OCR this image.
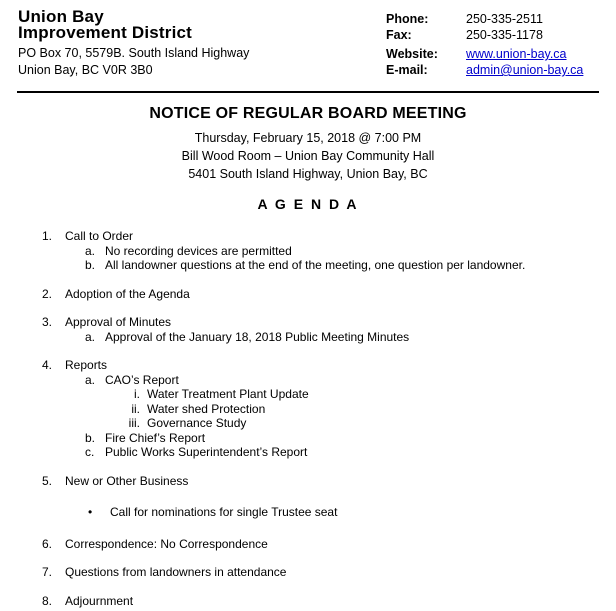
Union Bay
Improvement District
PO Box 70, 5579B. South Island Highway
Union Bay, BC V0R 3B0
Phone:	250-335-2511
Fax:	250-335-1178
Website:	www.union-bay.ca
E-mail:	admin@union-bay.ca
NOTICE OF REGULAR BOARD MEETING
Thursday, February 15, 2018 @ 7:00 PM
Bill Wood Room – Union Bay Community Hall
5401 South Island Highway, Union Bay, BC
A G E N D A
1.	Call to Order
a. No recording devices are permitted
b. All landowner questions at the end of the meeting, one question per landowner.
2.	Adoption of the Agenda
3.	Approval of Minutes
a. Approval of the January 18, 2018 Public Meeting Minutes
4.	Reports
a. CAO’s Report
i. Water Treatment Plant Update
ii. Water shed Protection
iii. Governance Study
b. Fire Chief’s Report
c. Public Works Superintendent’s Report
5.	New or Other Business
•	Call for nominations for single Trustee seat
6.	Correspondence: No Correspondence
7.	Questions from landowners in attendance
8.	Adjournment
